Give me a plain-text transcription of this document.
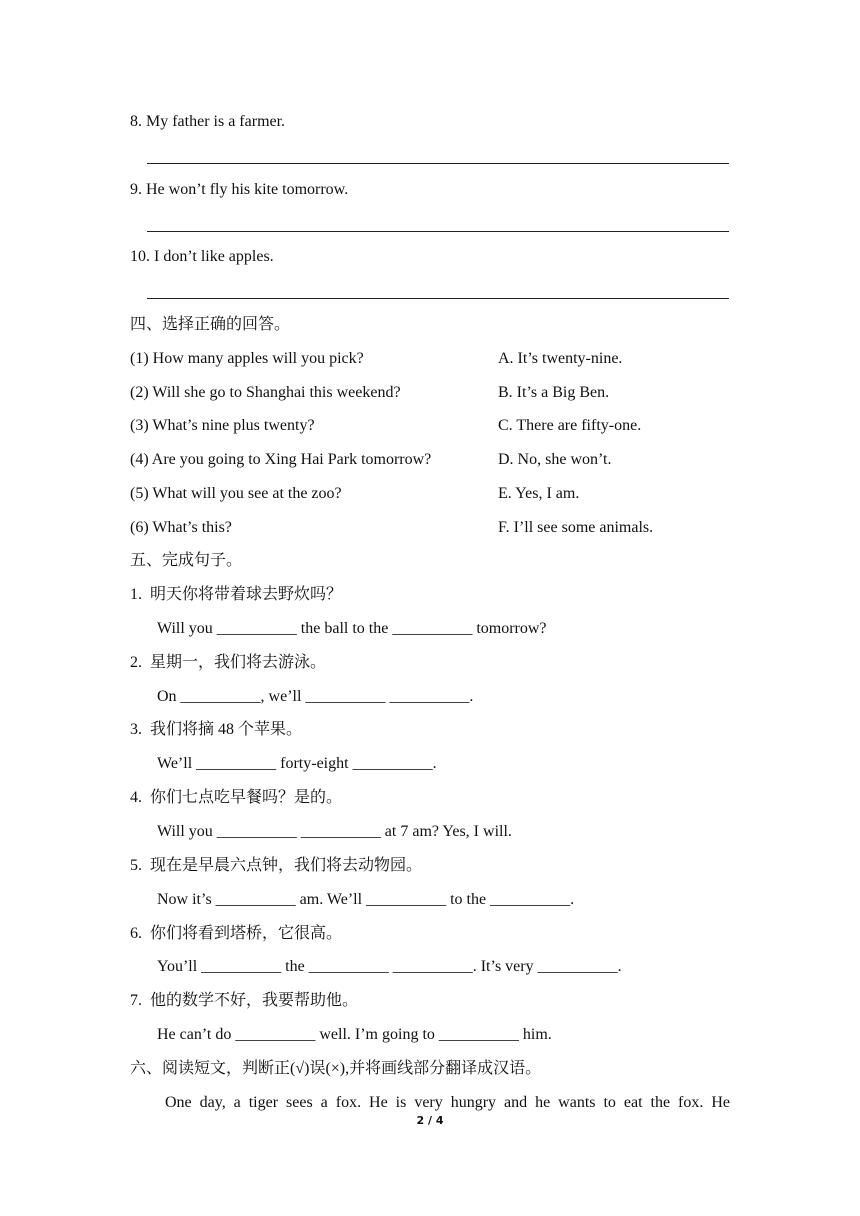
8. My father is a farmer.
9. He won’t fly his kite tomorrow.
10. I don’t like apples.
四、选择正确的回答。
(1) How many apples will you pick?	A. It’s twenty-nine.
(2) Will she go to Shanghai this weekend?	B. It’s a Big Ben.
(3) What’s nine plus twenty?	C. There are fifty-one.
(4) Are you going to Xing Hai Park tomorrow?	D. No, she won’t.
(5) What will you see at the zoo?	E. Yes, I am.
(6) What’s this?	F. I’ll see some animals.
五、完成句子。
1.  明天你将带着球去野炊吗？
Will you __________ the ball to the __________ tomorrow?
2.  星期一，我们将去游泳。
On __________, we’ll __________ __________.
3.  我们将摘 48 个苹果。
We’ll __________ forty-eight __________.
4.  你们七点吃早餐吗？是的。
Will you __________ __________ at 7 am? Yes, I will.
5.  现在是早晨六点钟，我们将去动物园。
Now it’s __________ am. We’ll __________ to the __________.
6.  你们将看到塔桥，它很高。
You’ll __________ the __________ __________. It’s very __________.
7.  他的数学不好，我要帮助他。
He can’t do __________ well. I’m going to __________ him.
六、阅读短文，判断正(√)误(×),并将画线部分翻译成汉语。
One day, a tiger sees a fox. He is very hungry and he wants to eat the fox. He
2 / 4
